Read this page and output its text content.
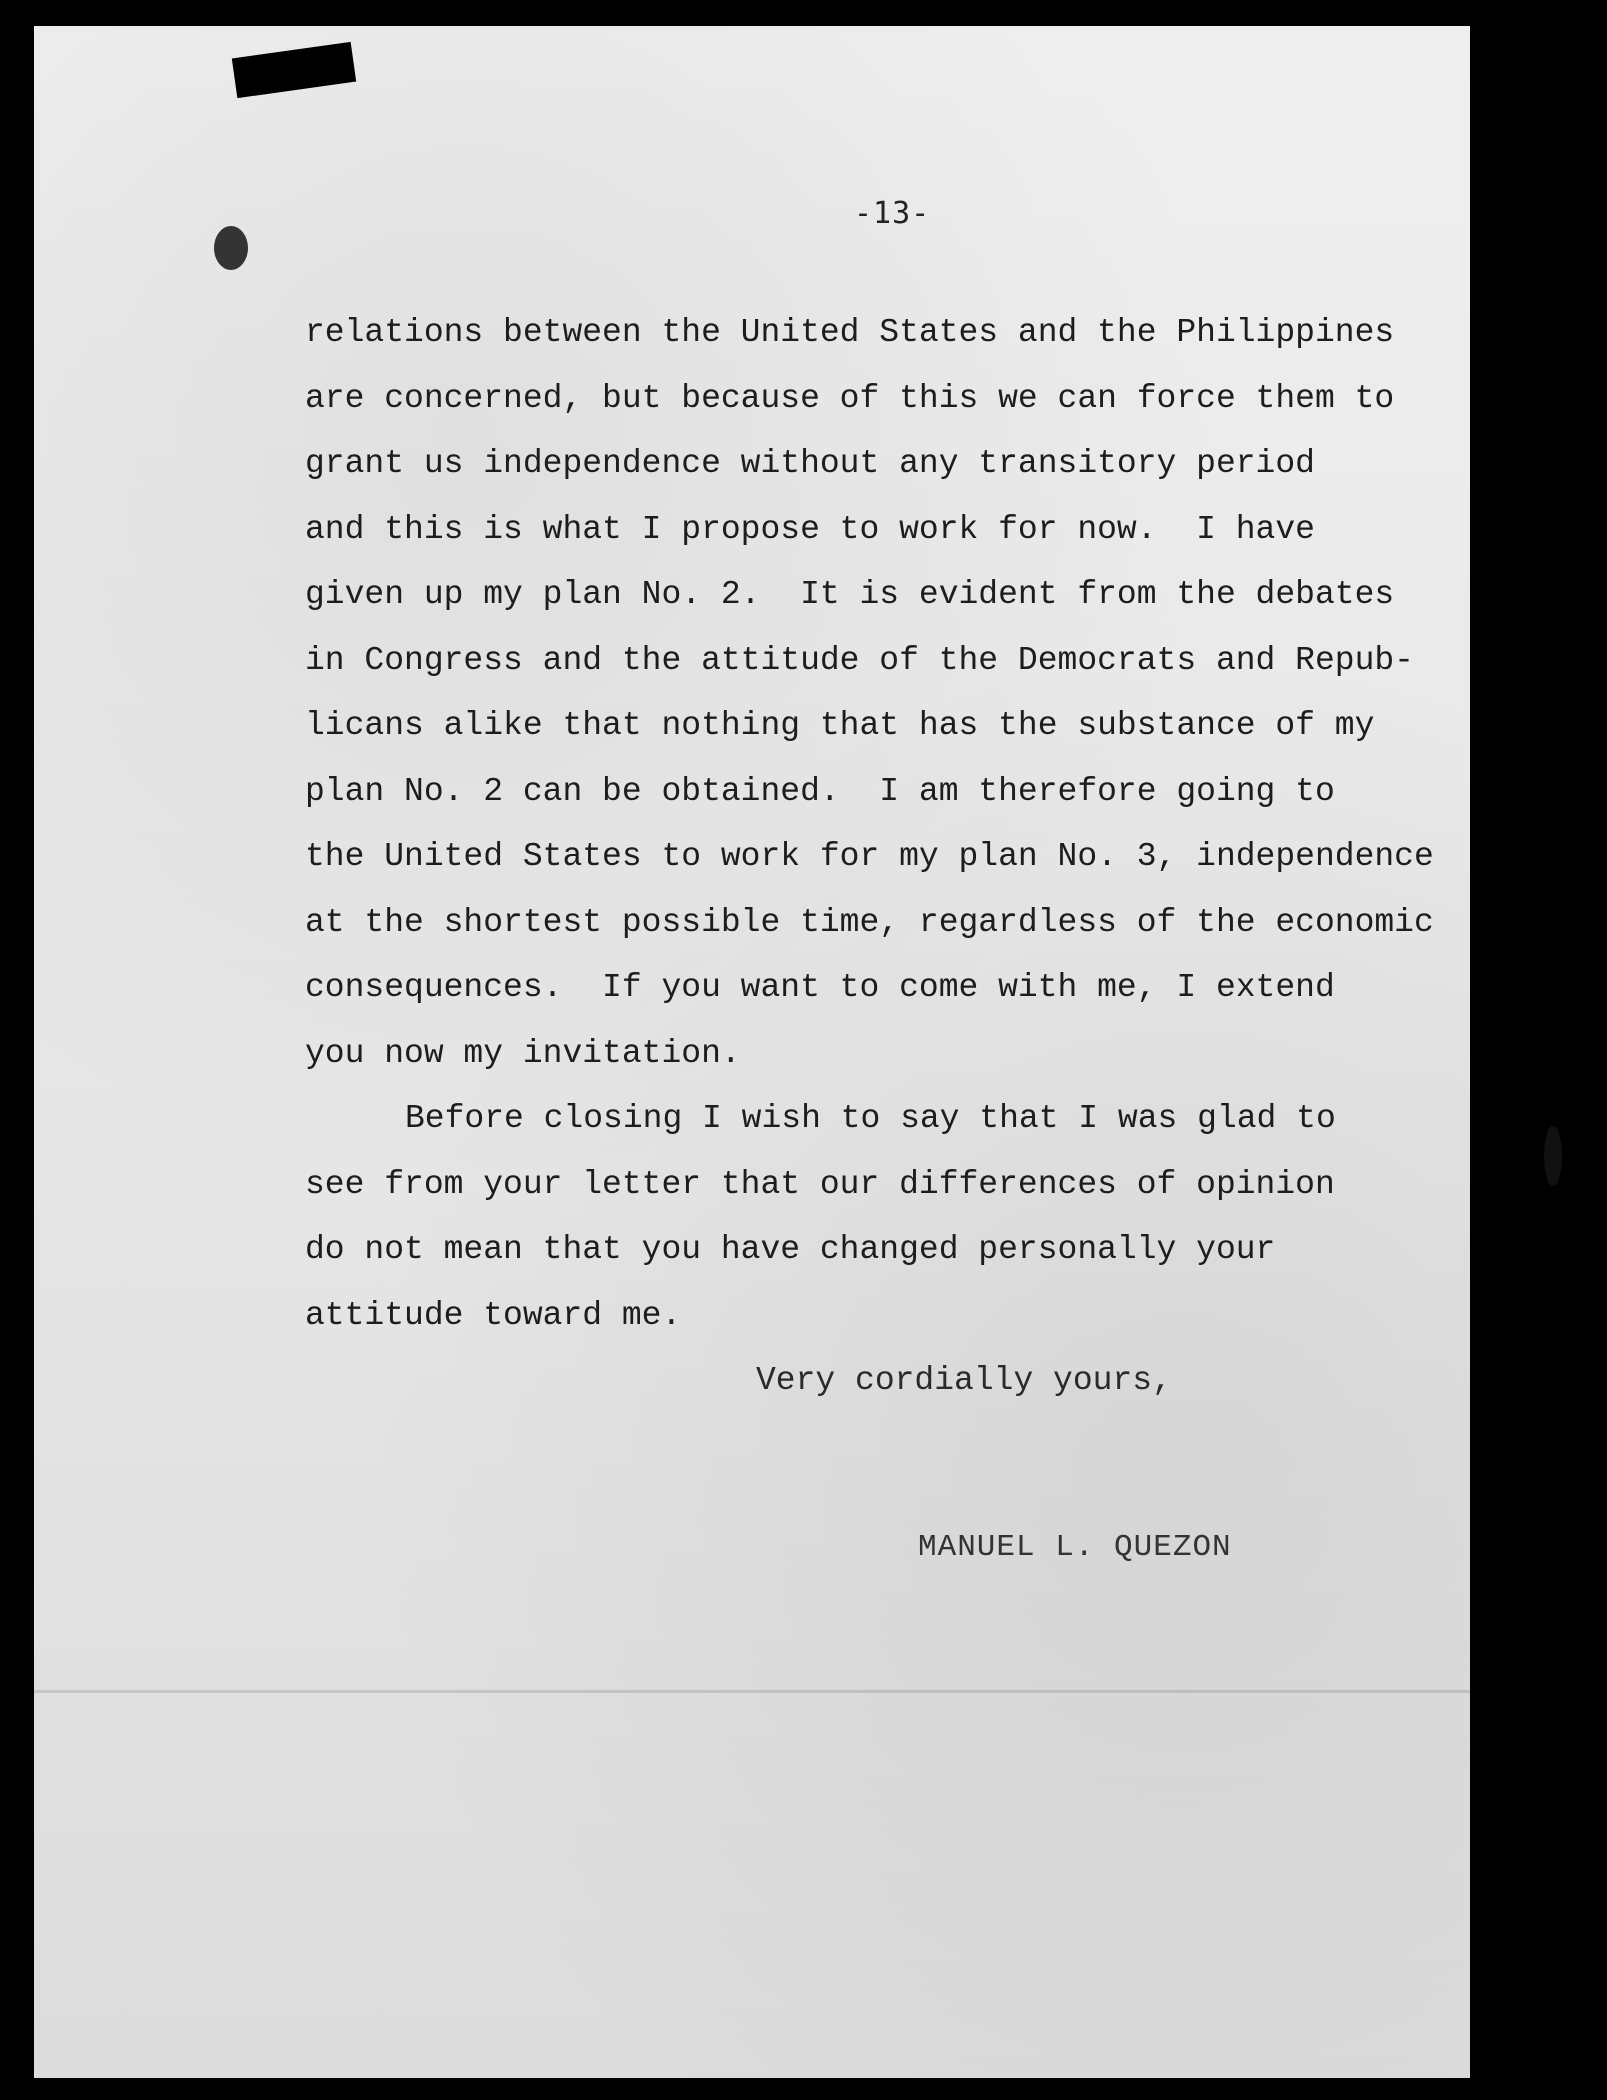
-13-
relations between the United States and the Philippines
are concerned, but because of this we can force them to
grant us independence without any transitory period
and this is what I propose to work for now.  I have
given up my plan No. 2.  It is evident from the debates
in Congress and the attitude of the Democrats and Repub-
licans alike that nothing that has the substance of my
plan No. 2 can be obtained.  I am therefore going to
the United States to work for my plan No. 3, independence
at the shortest possible time, regardless of the economic
consequences.  If you want to come with me, I extend
you now my invitation.
Before closing I wish to say that I was glad to
see from your letter that our differences of opinion
do not mean that you have changed personally your
attitude toward me.
Very cordially yours,
MANUEL L. QUEZON
